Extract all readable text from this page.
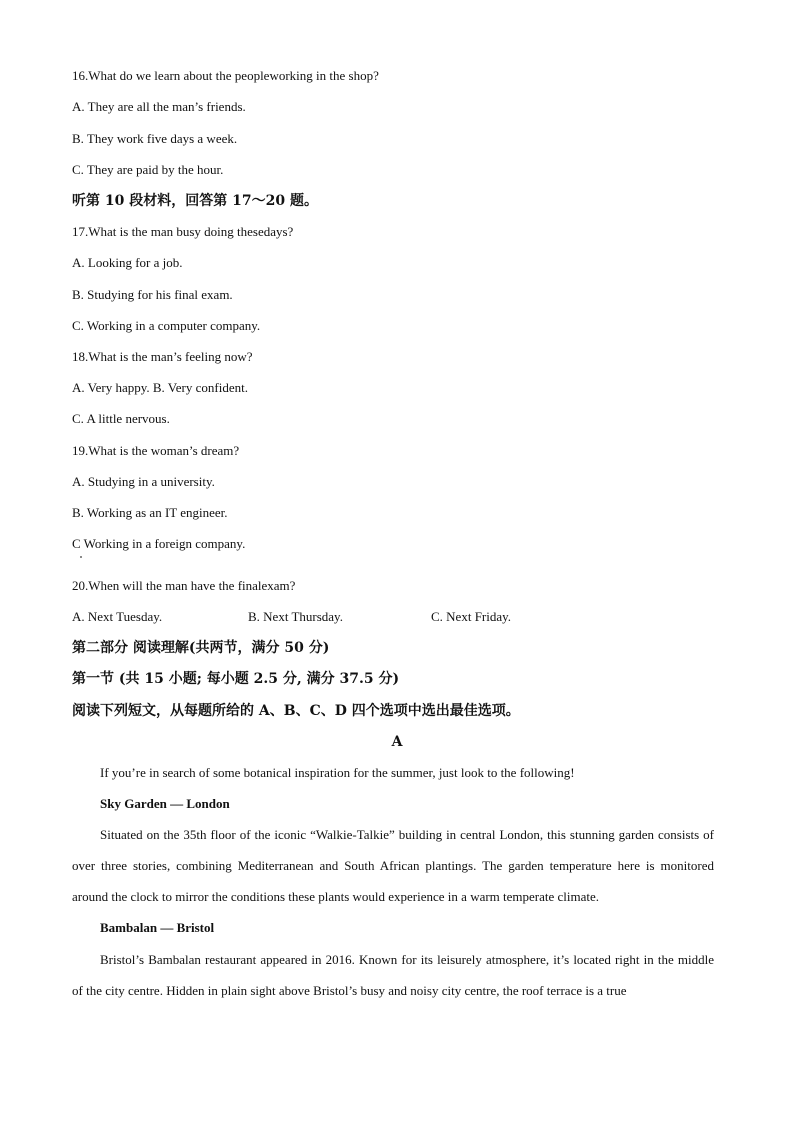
16.What do we learn about the peopleworking in the shop?
A. They are all the man’s friends.
B. They work five days a week.
C. They are paid by the hour.
听第 10 段材料，回答第 17～20 题。
17.What is the man busy doing thesedays?
A. Looking for a job.
B. Studying for his final exam.
C. Working in a computer company.
18.What is the man’s feeling now?
A. Very happy. B. Very confident.
C. A little nervous.
19.What is the woman’s dream?
A. Studying in a university.
B. Working as an IT engineer.
C Working in a foreign company.
20.When will the man have the finalexam?
A. Next Tuesday.	B. Next Thursday.	C. Next Friday.
第二部分 阅读理解(共两节，满分 50 分)
第一节 (共 15 小题; 每小题 2.5 分, 满分 37.5 分)
阅读下列短文，从每题所给的 A、B、C、D 四个选项中选出最佳选项。
A
If you’re in search of some botanical inspiration for the summer, just look to the following!
Sky Garden — London
Situated on the 35th floor of the iconic “Walkie-Talkie” building in central London, this stunning garden consists of over three stories, combining Mediterranean and South African plantings. The garden temperature here is monitored around the clock to mirror the conditions these plants would experience in a warm temperate climate.
Bambalan — Bristol
Bristol’s Bambalan restaurant appeared in 2016. Known for its leisurely atmosphere, it’s located right in the middle of the city centre. Hidden in plain sight above Bristol’s busy and noisy city centre, the roof terrace is a true
